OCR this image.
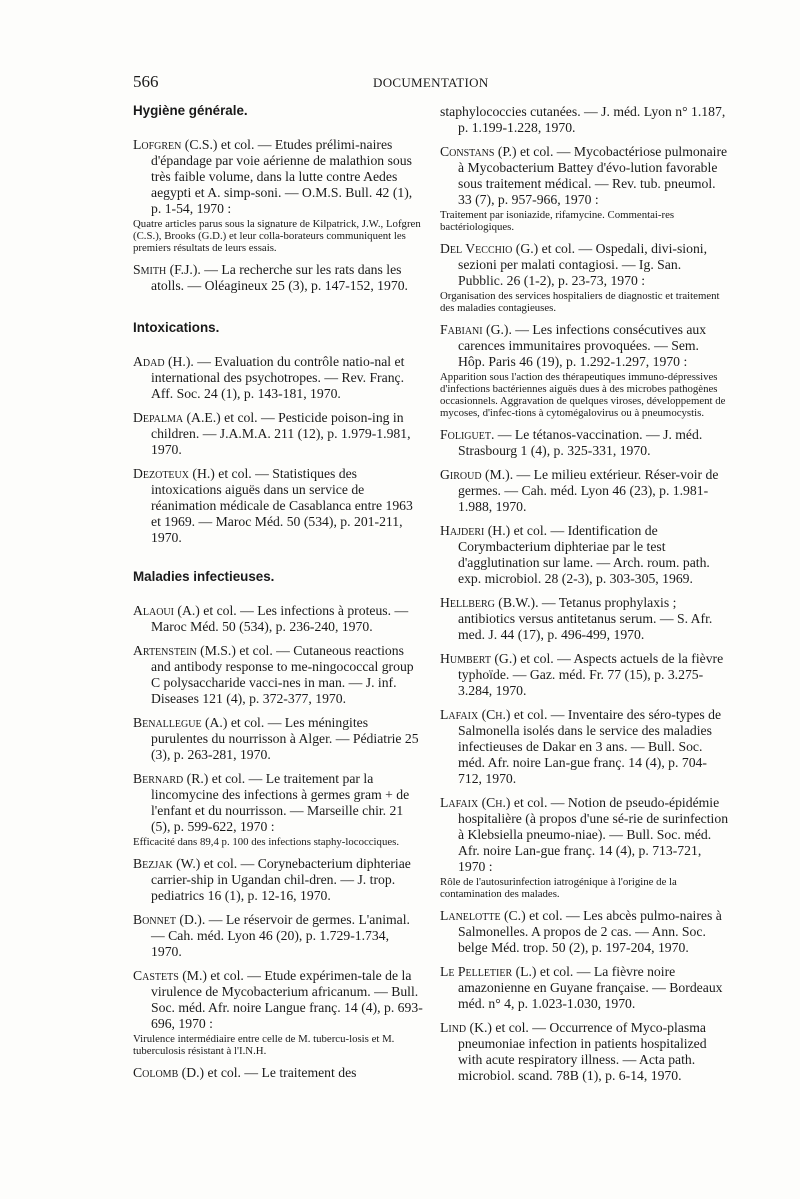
566	DOCUMENTATION
Hygiène générale.
Lofgren (C.S.) et col. — Etudes prélimi-naires d'épandage par voie aérienne de malathion sous très faible volume, dans la lutte contre Aedes aegypti et A. simp-soni. — O.M.S. Bull. 42 (1), p. 1-54, 1970 :
Quatre articles parus sous la signature de Kilpatrick, J.W., Lofgren (C.S.), Brooks (G.D.) et leur colla-borateurs communiquent les premiers résultats de leurs essais.
Smith (F.J.). — La recherche sur les rats dans les atolls. — Oléagineux 25 (3), p. 147-152, 1970.
Intoxications.
Adad (H.). — Evaluation du contrôle natio-nal et international des psychotropes. — Rev. Franç. Aff. Soc. 24 (1), p. 143-181, 1970.
Depalma (A.E.) et col. — Pesticide poison-ing in children. — J.A.M.A. 211 (12), p. 1.979-1.981, 1970.
Dezoteux (H.) et col. — Statistiques des intoxications aiguës dans un service de réanimation médicale de Casablanca entre 1963 et 1969. — Maroc Méd. 50 (534), p. 201-211, 1970.
Maladies infectieuses.
Alaoui (A.) et col. — Les infections à proteus. — Maroc Méd. 50 (534), p. 236-240, 1970.
Artenstein (M.S.) et col. — Cutaneous reactions and antibody response to me-ningococcal group C polysaccharide vacci-nes in man. — J. inf. Diseases 121 (4), p. 372-377, 1970.
Benallegue (A.) et col. — Les méningites purulentes du nourrisson à Alger. — Pédiatrie 25 (3), p. 263-281, 1970.
Bernard (R.) et col. — Le traitement par la lincomycine des infections à germes gram + de l'enfant et du nourrisson. — Marseille chir. 21 (5), p. 599-622, 1970 :
Efficacité dans 89,4 p. 100 des infections staphy-lococciques.
Bezjak (W.) et col. — Corynebacterium diphteriae carrier-ship in Ugandan chil-dren. — J. trop. pediatrics 16 (1), p. 12-16, 1970.
Bonnet (D.). — Le réservoir de germes. L'animal. — Cah. méd. Lyon 46 (20), p. 1.729-1.734, 1970.
Castets (M.) et col. — Etude expérimen-tale de la virulence de Mycobacterium africanum. — Bull. Soc. méd. Afr. noire Langue franç. 14 (4), p. 693-696, 1970 :
Virulence intermédiaire entre celle de M. tubercu-losis et M. tuberculosis résistant à l'I.N.H.
Colomb (D.) et col. — Le traitement des
staphylococcies cutanées. — J. méd. Lyon n° 1.187, p. 1.199-1.228, 1970.
Constans (P.) et col. — Mycobactériose pulmonaire à Mycobacterium Battey d'évo-lution favorable sous traitement médical. — Rev. tub. pneumol. 33 (7), p. 957-966, 1970 :
Traitement par isoniazide, rifamycine. Commentai-res bactériologiques.
Del Vecchio (G.) et col. — Ospedali, divi-sioni, sezioni per malati contagiosi. — Ig. San. Pubblic. 26 (1-2), p. 23-73, 1970 :
Organisation des services hospitaliers de diagnostic et traitement des maladies contagieuses.
Fabiani (G.). — Les infections consécutives aux carences immunitaires provoquées. — Sem. Hôp. Paris 46 (19), p. 1.292-1.297, 1970 :
Apparition sous l'action des thérapeutiques immuno-dépressives d'infections bactériennes aiguës dues à des microbes pathogènes occasionnels. Aggravation de quelques viroses, développement de mycoses, d'infec-tions à cytomégalovirus ou à pneumocystis.
Foliguet. — Le tétanos-vaccination. — J. méd. Strasbourg 1 (4), p. 325-331, 1970.
Giroud (M.). — Le milieu extérieur. Réser-voir de germes. — Cah. méd. Lyon 46 (23), p. 1.981-1.988, 1970.
Hajderi (H.) et col. — Identification de Corymbacterium diphteriae par le test d'agglutination sur lame. — Arch. roum. path. exp. microbiol. 28 (2-3), p. 303-305, 1969.
Hellberg (B.W.). — Tetanus prophylaxis ; antibiotics versus antitetanus serum. — S. Afr. med. J. 44 (17), p. 496-499, 1970.
Humbert (G.) et col. — Aspects actuels de la fièvre typhoïde. — Gaz. méd. Fr. 77 (15), p. 3.275-3.284, 1970.
Lafaix (Ch.) et col. — Inventaire des séro-types de Salmonella isolés dans le service des maladies infectieuses de Dakar en 3 ans. — Bull. Soc. méd. Afr. noire Lan-gue franç. 14 (4), p. 704-712, 1970.
Lafaix (Ch.) et col. — Notion de pseudo-épidémie hospitalière (à propos d'une sé-rie de surinfection à Klebsiella pneumo-niae). — Bull. Soc. méd. Afr. noire Lan-gue franç. 14 (4), p. 713-721, 1970 :
Rôle de l'autosurinfection iatrogénique à l'origine de la contamination des malades.
Lanelotte (C.) et col. — Les abcès pulmo-naires à Salmonelles. A propos de 2 cas. — Ann. Soc. belge Méd. trop. 50 (2), p. 197-204, 1970.
Le Pelletier (L.) et col. — La fièvre noire amazonienne en Guyane française. — Bordeaux méd. n° 4, p. 1.023-1.030, 1970.
Lind (K.) et col. — Occurrence of Myco-plasma pneumoniae infection in patients hospitalized with acute respiratory illness. — Acta path. microbiol. scand. 78B (1), p. 6-14, 1970.
